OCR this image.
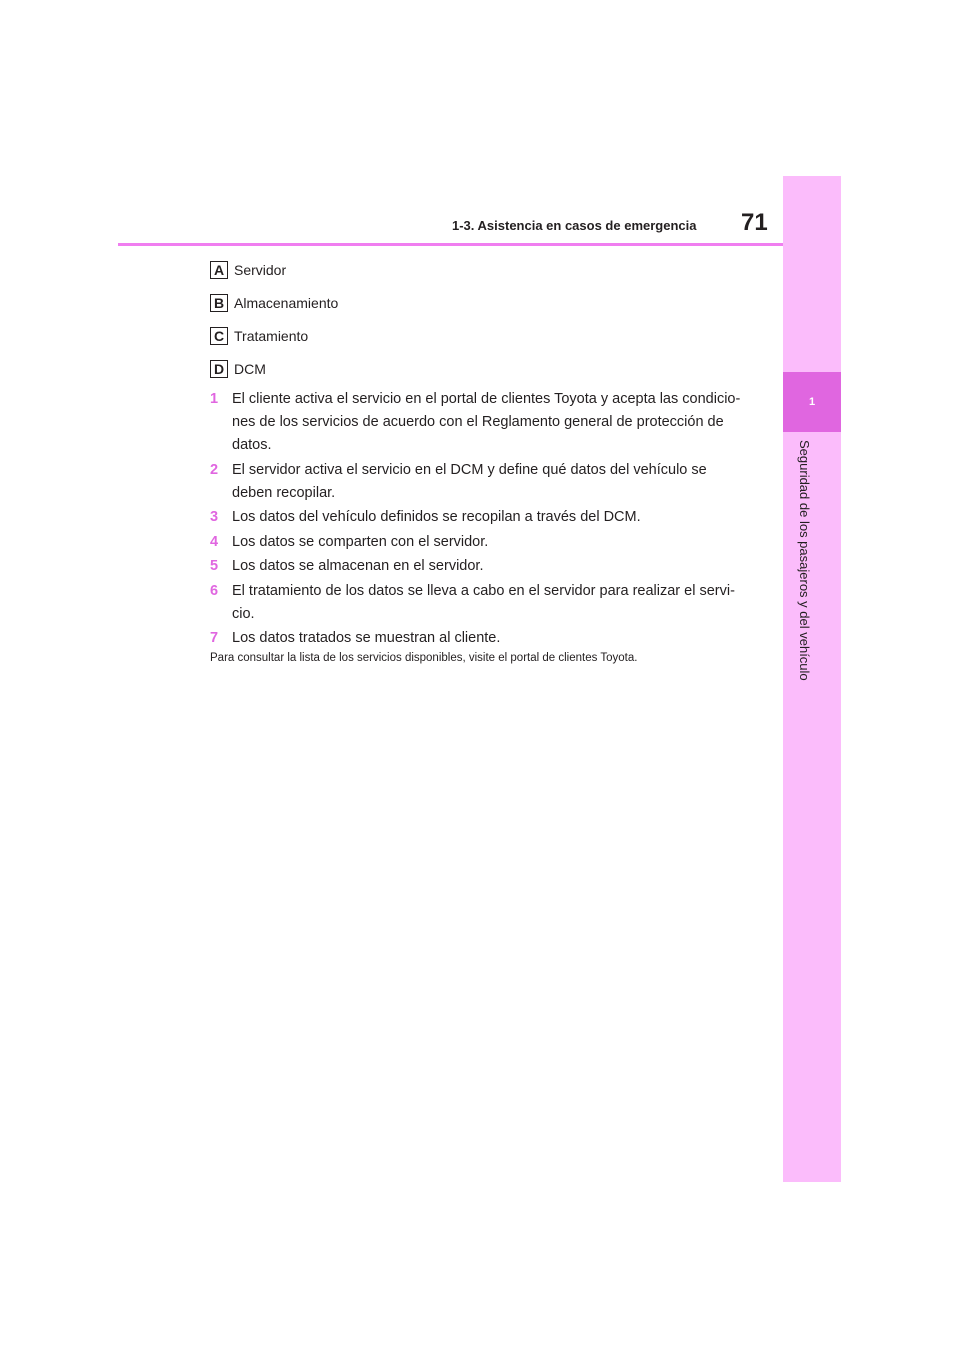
1
Seguridad de los pasajeros y del vehículo
1-3. Asistencia en casos de emergencia 71
A Servidor
B Almacenamiento
C Tratamiento
D DCM
1 El cliente activa el servicio en el portal de clientes Toyota y acepta las condicio-nes de los servicios de acuerdo con el Reglamento general de protección de datos.
2 El servidor activa el servicio en el DCM y define qué datos del vehículo se deben recopilar.
3 Los datos del vehículo definidos se recopilan a través del DCM.
4 Los datos se comparten con el servidor.
5 Los datos se almacenan en el servidor.
6 El tratamiento de los datos se lleva a cabo en el servidor para realizar el servi-cio.
7 Los datos tratados se muestran al cliente.
Para consultar la lista de los servicios disponibles, visite el portal de clientes Toyota.
